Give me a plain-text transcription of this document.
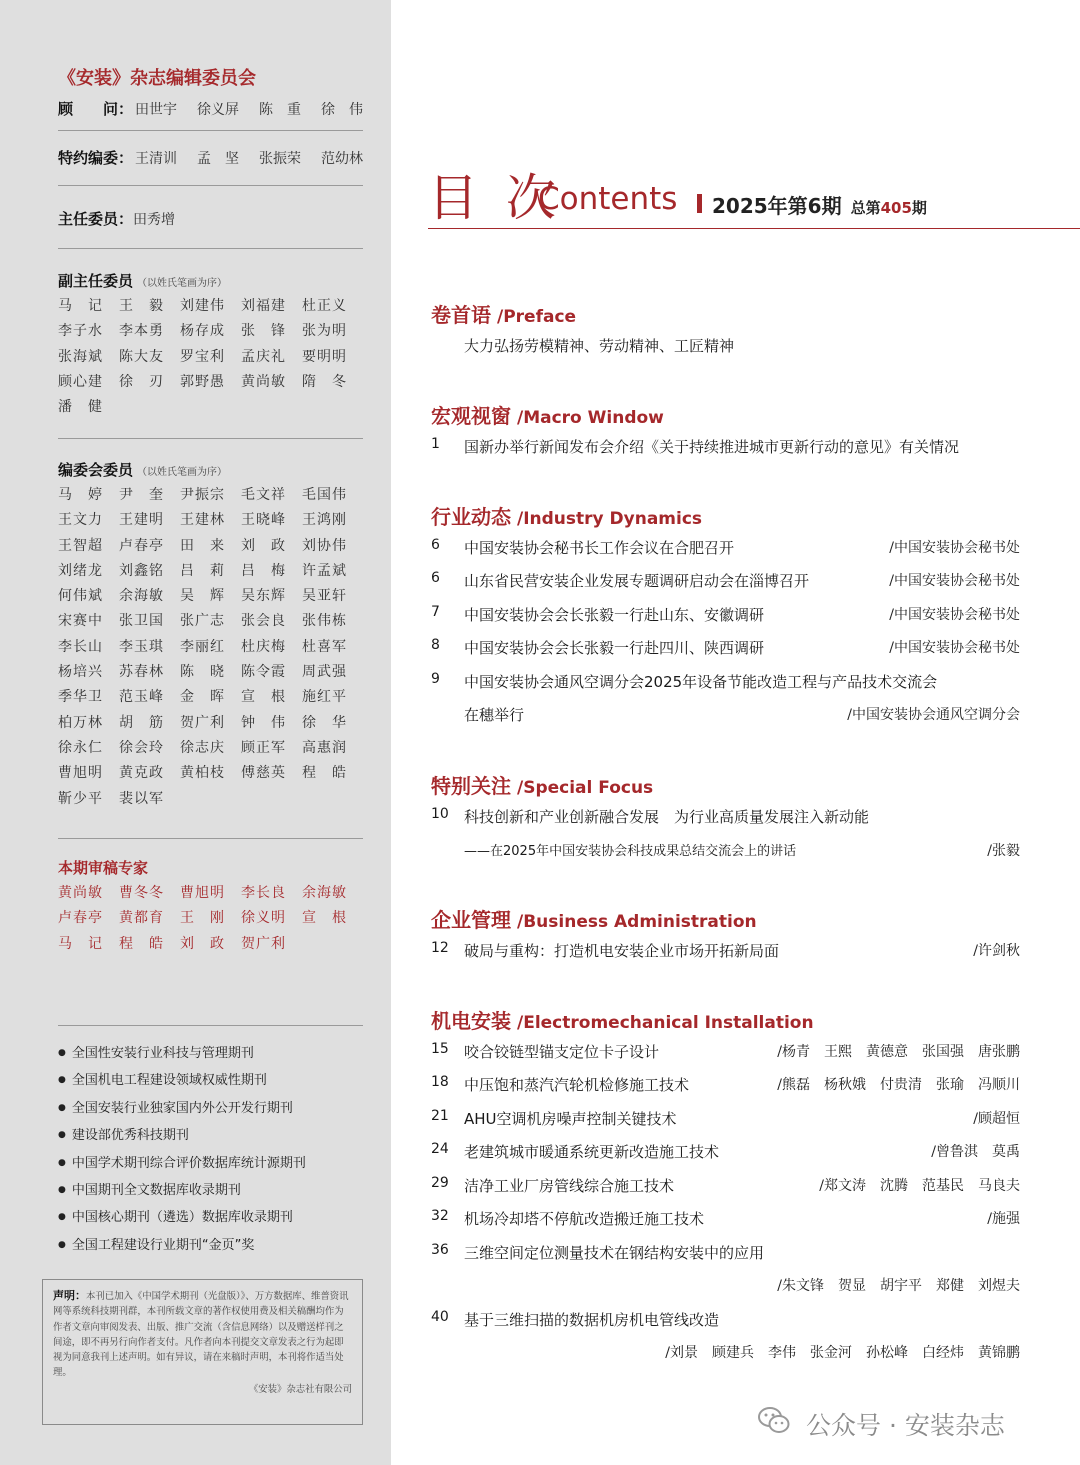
《安装》杂志编辑委员会
顾　　问： 田世宇 徐义屏 陈　重 徐　伟
特约编委： 王清训 孟　坚 张振荣 范幼林
主任委员： 田秀增
副主任委员 （以姓氏笔画为序）
马　记	王　毅	刘建伟	刘福建	杜正义
李子水	李本勇	杨存成	张　锋	张为明
张海斌	陈大友	罗宝利	孟庆礼	要明明
顾心建	徐　刃	郭野愚	黄尚敏	隋　冬
潘　健
编委会委员 （以姓氏笔画为序）
马　婷	尹　奎	尹振宗	毛文祥	毛国伟
王文力	王建明	王建林	王晓峰	王鸿刚
王智超	卢春亭	田　来	刘　政	刘协伟
刘绪龙	刘鑫铭	吕　莉	吕　梅	许孟斌
何伟斌	余海敏	吴　辉	吴东辉	吴亚轩
宋赛中	张卫国	张广志	张会良	张伟栋
李长山	李玉琪	李丽红	杜庆梅	杜喜军
杨培兴	苏春林	陈　晓	陈令霞	周武强
季华卫	范玉峰	金　晖	宣　根	施红平
柏万林	胡　筋	贺广利	钟　伟	徐　华
徐永仁	徐会玲	徐志庆	顾正军	高惠润
曹旭明	黄克政	黄柏枝	傅慈英	程　皓
靳少平	裴以军
本期审稿专家
黄尚敏	曹冬冬	曹旭明	李长良	余海敏
卢春亭	黄都育	王　刚	徐义明	宣　根
马　记	程　皓	刘　政	贺广利
● 全国性安装行业科技与管理期刊
● 全国机电工程建设领域权威性期刊
● 全国安装行业独家国内外公开发行期刊
● 建设部优秀科技期刊
● 中国学术期刊综合评价数据库统计源期刊
● 中国期刊全文数据库收录期刊
● 中国核心期刊（遴选）数据库收录期刊
● 全国工程建设行业期刊“金页”奖
声明：本刊已加入《中国学术期刊（光盘版）》、万方数据库、维普资讯网等系统科技期刊群，本刊所载文章的著作权使用费及相关稿酬均作为作者文章向审阅发表、出版、推广交流（含信息网络）以及赠送样刊之间途，即不再另行向作者支付。凡作者向本刊提交文章发表之行为起即视为同意我刊上述声明。如有异议，请在来稿时声明，本刊将作适当处理。
《安装》杂志社有限公司
目 次
Contents 2025年第6期 总第405期
卷首语 /Preface
大力弘扬劳模精神、劳动精神、工匠精神
宏观视窗 /Macro Window
1 国新办举行新闻发布会介绍《关于持续推进城市更新行动的意见》有关情况
行业动态 /Industry Dynamics
6 中国安装协会秘书长工作会议在合肥召开	/中国安装协会秘书处
6 山东省民营安装企业发展专题调研启动会在淄博召开	/中国安装协会秘书处
7 中国安装协会会长张毅一行赴山东、安徽调研	/中国安装协会秘书处
8 中国安装协会会长张毅一行赴四川、陕西调研	/中国安装协会秘书处
9 中国安装协会通风空调分会2025年设备节能改造工程与产品技术交流会
在穗举行	/中国安装协会通风空调分会
特别关注 /Special Focus
10 科技创新和产业创新融合发展　为行业高质量发展注入新动能
——在2025年中国安装协会科技成果总结交流会上的讲话	/张毅
企业管理 /Business Administration
12 破局与重构：打造机电安装企业市场开拓新局面	/许剑秋
机电安装 /Electromechanical Installation
15 咬合铰链型锚支定位卡子设计	/杨青　王熙　黄德意　张国强　唐张鹏
18 中压饱和蒸汽汽轮机检修施工技术	/熊磊　杨秋娥　付贵清　张瑜　冯顺川
21 AHU空调机房噪声控制关键技术	/顾超恒
24 老建筑城市暖通系统更新改造施工技术	/曾鲁淇　莫禹
29 洁净工业厂房管线综合施工技术	/郑文涛　沈腾　范基民　马良夫
32 机场冷却塔不停航改造搬迁施工技术	/施强
36 三维空间定位测量技术在钢结构安装中的应用
/朱文锋　贺显　胡宇平　郑健　刘煜夫
40 基于三维扫描的数据机房机电管线改造
/刘景　顾建兵　李伟　张金河　孙松峰　白经炜　黄锦鹏
公众号 · 安装杂志
